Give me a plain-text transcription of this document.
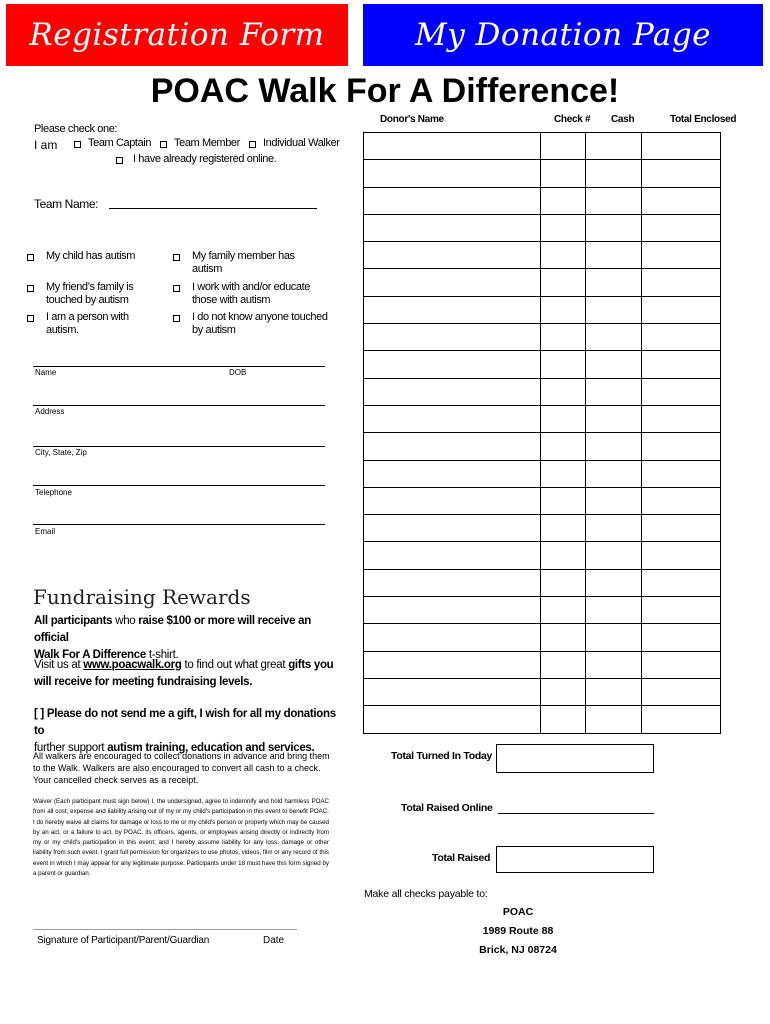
Registration Form	My Donation Page
POAC Walk For A Difference!
Please check one:
I am	Team Captain Team Member Individual Walker
I have already registered online.
Team Name:
My child has autism	My family member has autism
My friend’s family is touched by autism
I work with and/or educate those with autism
I am a person with autism.
I do not know anyone touched by autism
Name	DOB
Address
City, State, Zip
Telephone
Email
Fundraising Rewards
All participants who raise $100 or more will receive an official
Walk For A Difference t-shirt.
Visit us at www.poacwalk.org to find out what great gifts you
will receive for meeting fundraising levels.
[ ] Please do not send me a gift, I wish for all my donations to
further support autism training, education and services.
All walkers are encouraged to collect donations in advance and bring them to the Walk. Walkers are also encouraged to convert all cash to a check. Your cancelled check serves as a receipt.
Waiver (Each participant must sign below) I, the undersigned, agree to indemnify and hold harmless POAC from all cost, expense and liability arising out of my or my child's participation in this event to benefit POAC. I do hereby waive all claims for damage or loss to me or my child's person or property which may be caused by an act, or a failure to act, by POAC, its officers, agents, or employees arising directly or indirectly from my or my child's participation in this event; and I hereby assume liability for any loss, damage or other liability from such event. I grant full permission for organizers to use photos, videos, film or any record of this event in which I may appear for any legitimate purpose. Participants under 18 must have this form signed by a parent or guardian.
Signature of Participant/Parent/Guardian	Date
Donor's Name	Check # Cash	Total Enclosed
Total Turned In Today
Total Raised Online
Total Raised
Make all checks payable to:
POAC
1989 Route 88
Brick, NJ 08724
